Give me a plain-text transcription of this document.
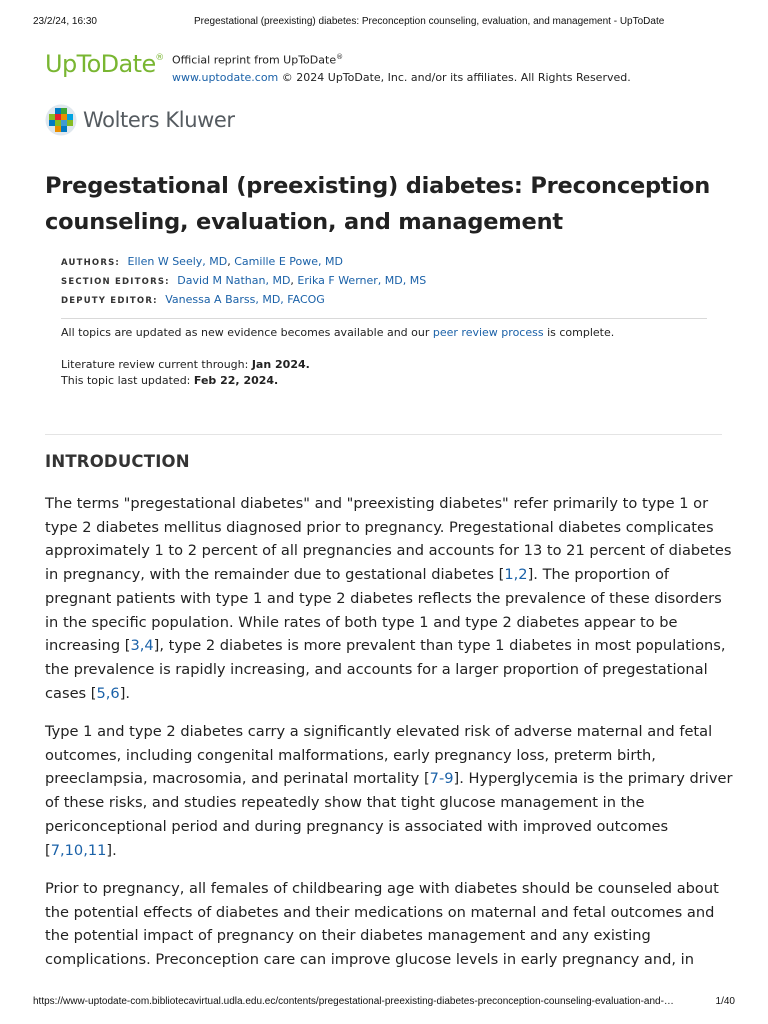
23/2/24, 16:30	Pregestational (preexisting) diabetes: Preconception counseling, evaluation, and management - UpToDate
UpToDate ® Official reprint from UpToDate®
www.uptodate.com © 2024 UpToDate, Inc. and/or its affiliates. All Rights Reserved.
Wolters Kluwer
Pregestational (preexisting) diabetes: Preconception counseling, evaluation, and management
AUTHORS: Ellen W Seely, MD, Camille E Powe, MD
SECTION EDITORS: David M Nathan, MD, Erika F Werner, MD, MS
DEPUTY EDITOR: Vanessa A Barss, MD, FACOG
All topics are updated as new evidence becomes available and our peer review process is complete.
Literature review current through: Jan 2024.
This topic last updated: Feb 22, 2024.
INTRODUCTION

The terms "pregestational diabetes" and "preexisting diabetes" refer primarily to type 1 or
type 2 diabetes mellitus diagnosed prior to pregnancy. Pregestational diabetes complicates
approximately 1 to 2 percent of all pregnancies and accounts for 13 to 21 percent of diabetes
in pregnancy, with the remainder due to gestational diabetes [1,2]. The proportion of
pregnant patients with type 1 and type 2 diabetes reflects the prevalence of these disorders
in the specific population. While rates of both type 1 and type 2 diabetes appear to be
increasing [3,4], type 2 diabetes is more prevalent than type 1 diabetes in most populations,
the prevalence is rapidly increasing, and accounts for a larger proportion of pregestational
cases [5,6].

Type 1 and type 2 diabetes carry a significantly elevated risk of adverse maternal and fetal
outcomes, including congenital malformations, early pregnancy loss, preterm birth,
preeclampsia, macrosomia, and perinatal mortality [7-9]. Hyperglycemia is the primary driver
of these risks, and studies repeatedly show that tight glucose management in the
periconceptional period and during pregnancy is associated with improved outcomes
[7,10,11].

Prior to pregnancy, all females of childbearing age with diabetes should be counseled about
the potential effects of diabetes and their medications on maternal and fetal outcomes and
the potential impact of pregnancy on their diabetes management and any existing
complications. Preconception care can improve glucose levels in early pregnancy and, in

https://www-uptodate-com.bibliotecavirtual.udla.edu.ec/contents/pregestational-preexisting-diabetes-preconception-counseling-evaluation-and-…	1/40
